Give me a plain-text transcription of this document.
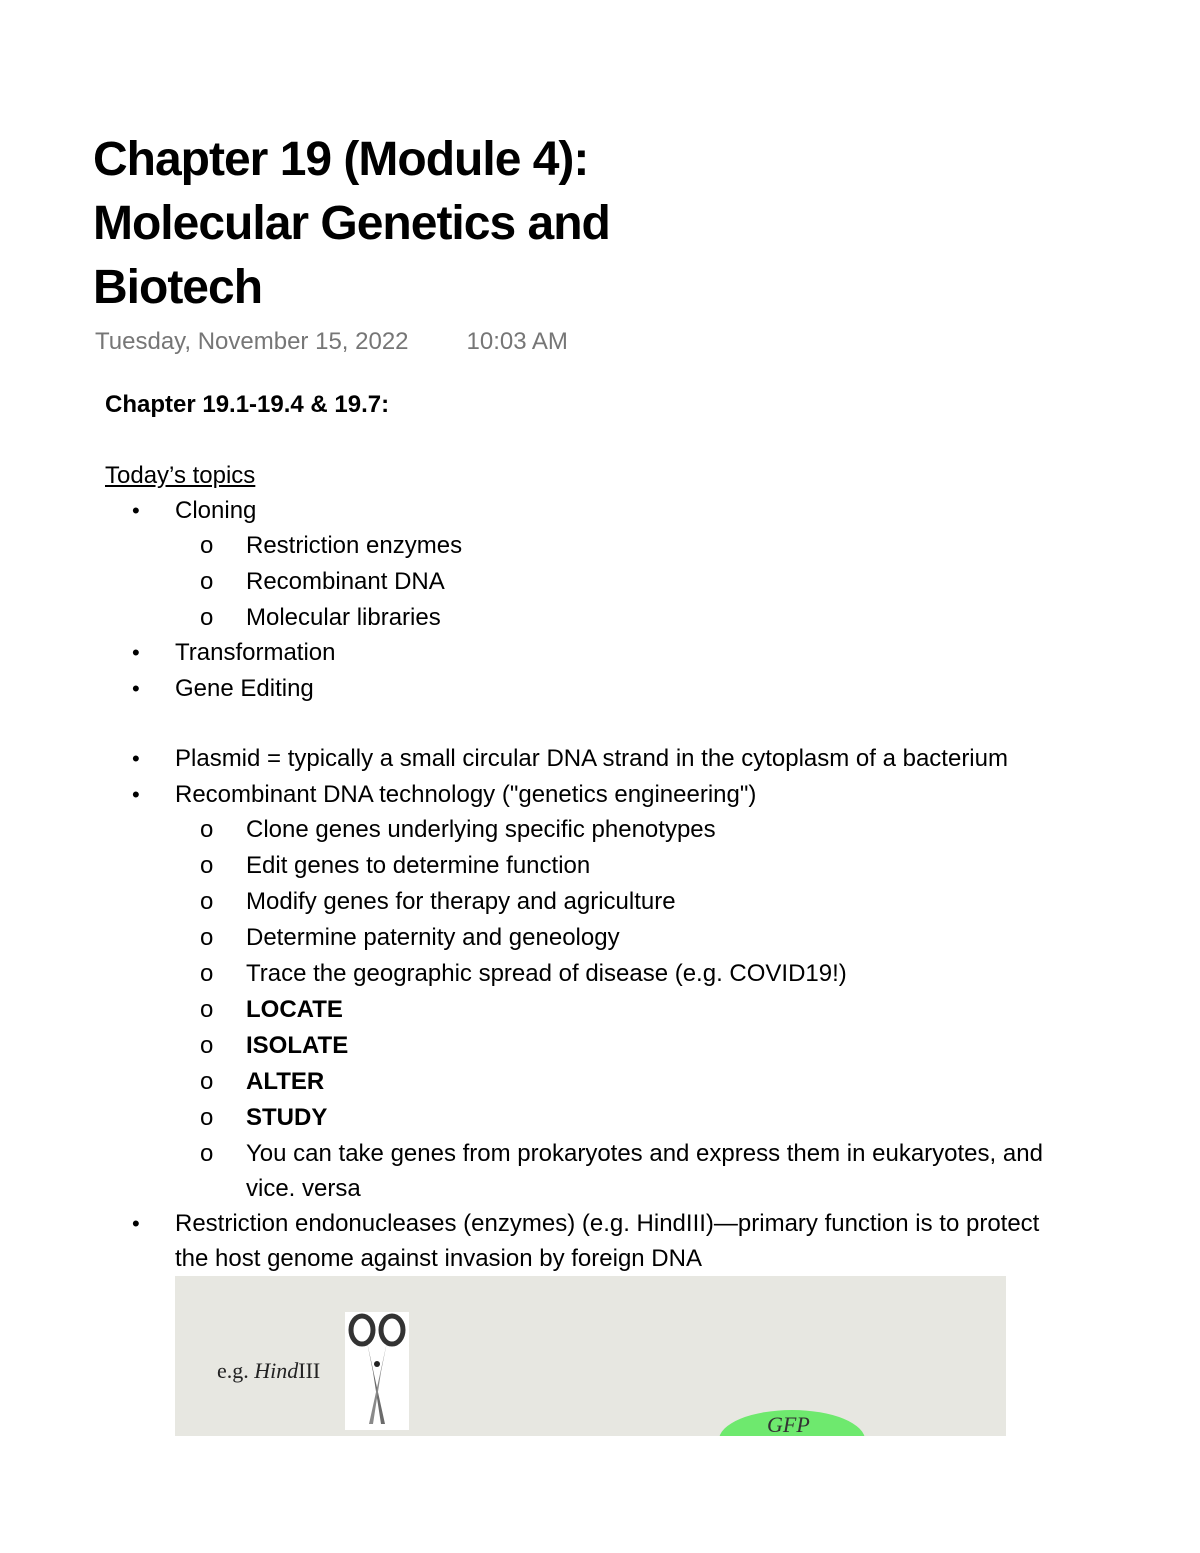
Chapter 19 (Module 4): Molecular Genetics and Biotech
Tuesday, November 15, 2022 10:03 AM
Chapter 19.1-19.4 & 19.7:
Today’s topics
• Cloning
o Restriction enzymes
o Recombinant DNA
o Molecular libraries
• Transformation
• Gene Editing
• Plasmid = typically a small circular DNA strand in the cytoplasm of a bacterium
• Recombinant DNA technology ("genetics engineering")
o Clone genes underlying specific phenotypes
o Edit genes to determine function
o Modify genes for therapy and agriculture
o Determine paternity and geneology
o Trace the geographic spread of disease (e.g. COVID19!)
o LOCATE
o ISOLATE
o ALTER
o STUDY
o You can take genes from prokaryotes and express them in eukaryotes, and
vice. versa
• Restriction endonucleases (enzymes) (e.g. HindIII)—primary function is to protect
the host genome against invasion by foreign DNA
e.g. HindIII
GFP
